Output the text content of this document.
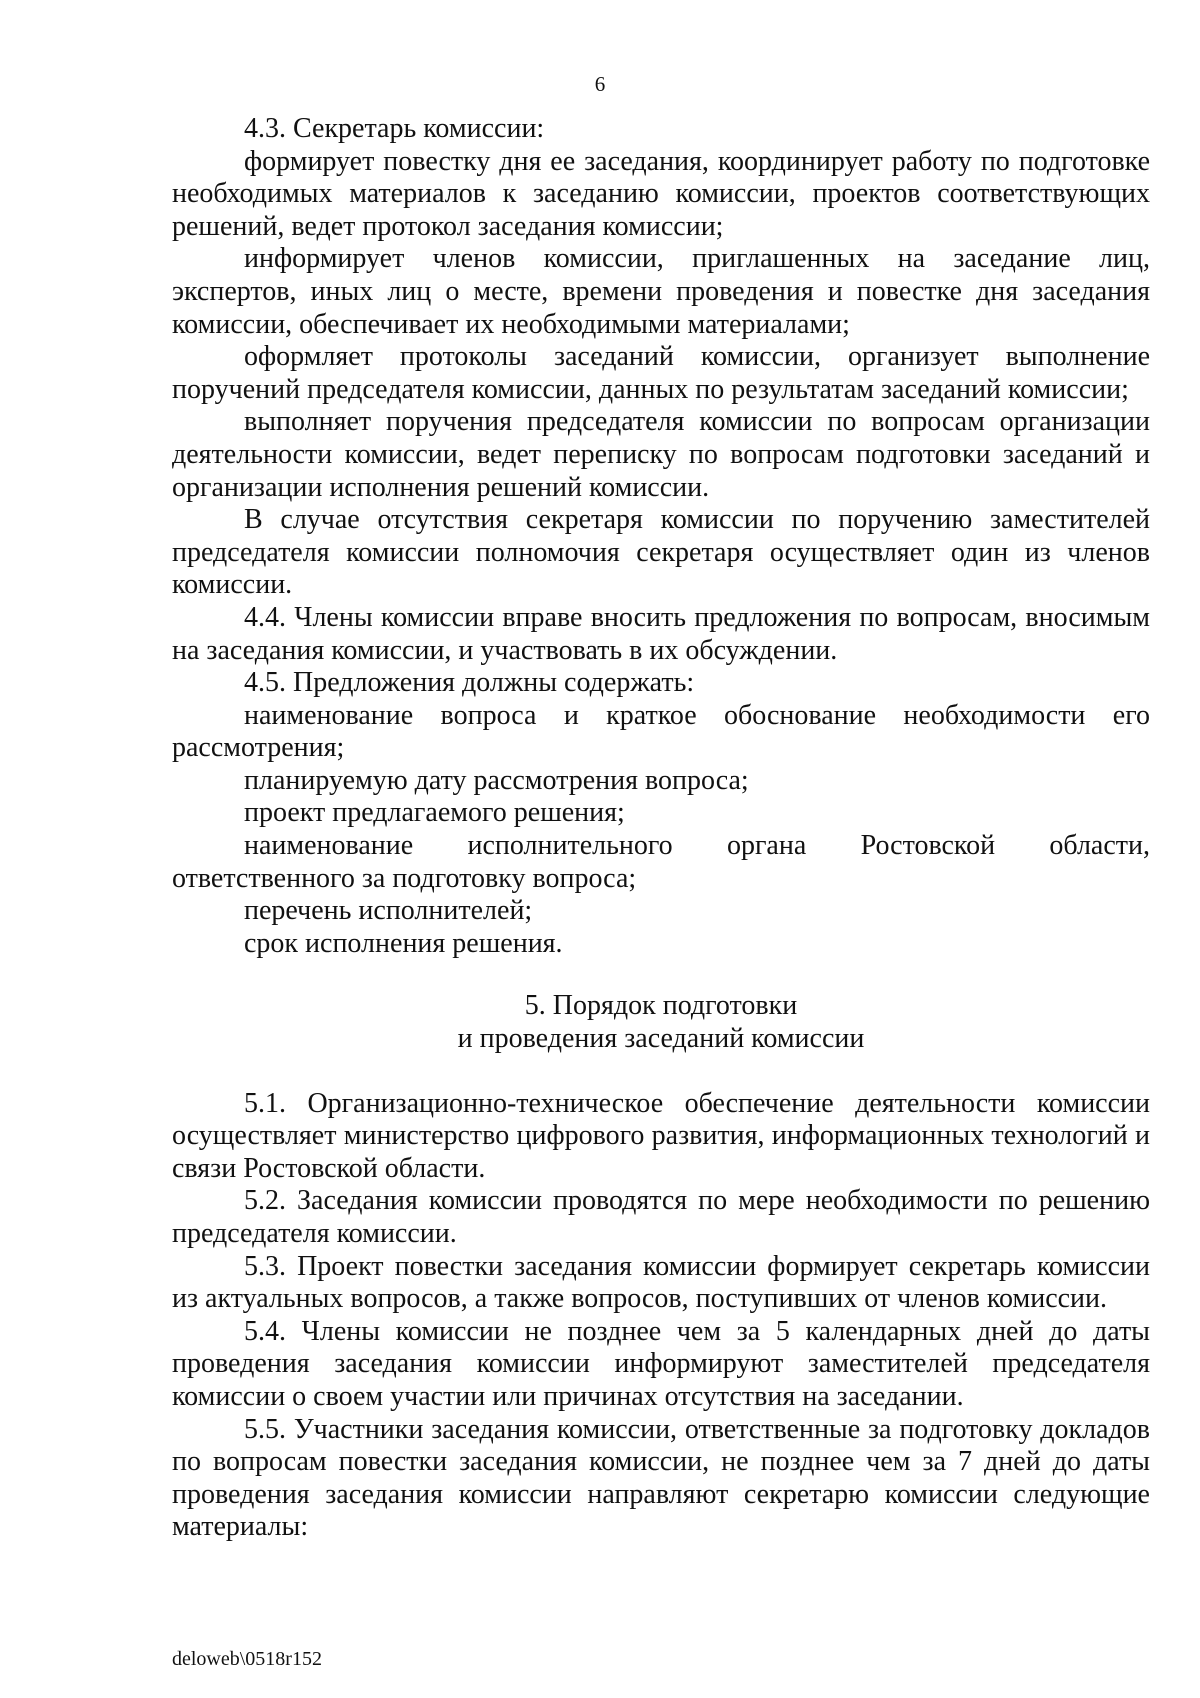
6

4.3. Секретарь комиссии:

формирует повестку дня ее заседания, координирует работу по подготовке необходимых материалов к заседанию комиссии, проектов соответствующих решений, ведет протокол заседания комиссии;

информирует членов комиссии, приглашенных на заседание лиц, экспертов, иных лиц о месте, времени проведения и повестке дня заседания комиссии, обеспечивает их необходимыми материалами;

оформляет протоколы заседаний комиссии, организует выполнение поручений председателя комиссии, данных по результатам заседаний комиссии;

выполняет поручения председателя комиссии по вопросам организации деятельности комиссии, ведет переписку по вопросам подготовки заседаний и организации исполнения решений комиссии.

В случае отсутствия секретаря комиссии по поручению заместителей председателя комиссии полномочия секретаря осуществляет один из членов комиссии.

4.4. Члены комиссии вправе вносить предложения по вопросам, вносимым на заседания комиссии, и участвовать в их обсуждении.

4.5. Предложения должны содержать:

наименование вопроса и краткое обоснование необходимости его рассмотрения;

планируемую дату рассмотрения вопроса;

проект предлагаемого решения;

наименование исполнительного органа Ростовской области, ответственного за подготовку вопроса;

перечень исполнителей;

срок исполнения решения.

5. Порядок подготовки
и проведения заседаний комиссии

5.1. Организационно-техническое обеспечение деятельности комиссии осуществляет министерство цифрового развития, информационных технологий и связи Ростовской области.

5.2. Заседания комиссии проводятся по мере необходимости по решению председателя комиссии.

5.3. Проект повестки заседания комиссии формирует секретарь комиссии из актуальных вопросов, а также вопросов, поступивших от членов комиссии.

5.4. Члены комиссии не позднее чем за 5 календарных дней до даты проведения заседания комиссии информируют заместителей председателя комиссии о своем участии или причинах отсутствия на заседании.

5.5. Участники заседания комиссии, ответственные за подготовку докладов по вопросам повестки заседания комиссии, не позднее чем за 7 дней до даты проведения заседания комиссии направляют секретарю комиссии следующие материалы:

deloweb\0518r152
